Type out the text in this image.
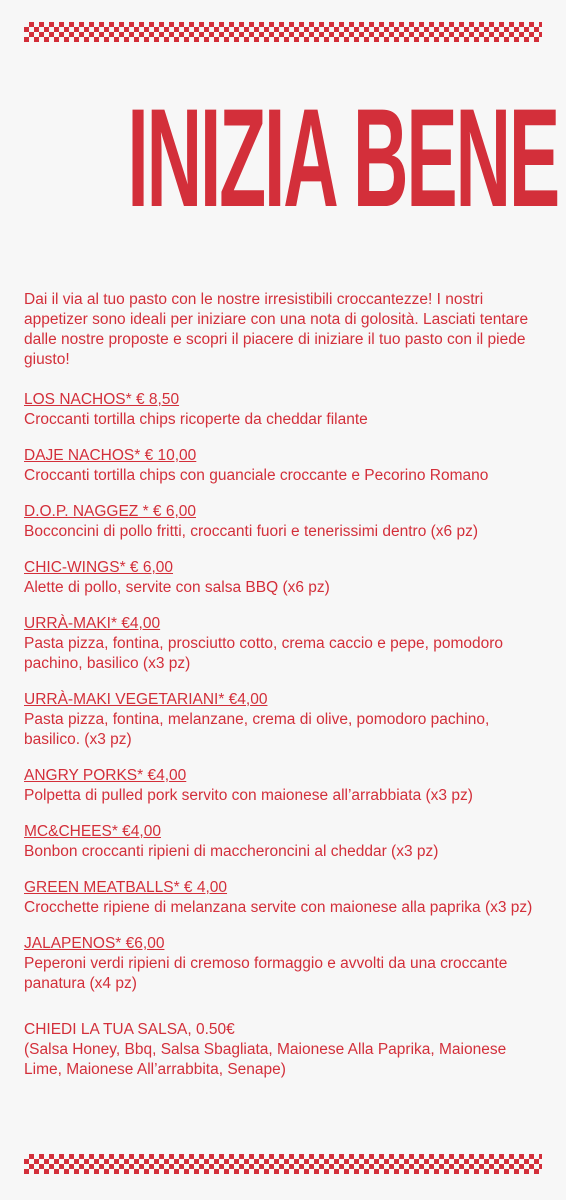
INIZIA BENE

Dai il via al tuo pasto con le nostre irresistibili croccantezze! I nostri appetizer sono ideali per iniziare con una nota di golosità. Lasciati tentare dalle nostre proposte e scopri il piacere di iniziare il tuo pasto con il piede giusto!

LOS NACHOS* € 8,50
Croccanti tortilla chips ricoperte da cheddar filante
DAJE NACHOS* € 10,00
Croccanti tortilla chips con guanciale croccante e Pecorino Romano
D.O.P. NAGGEZ * € 6,00
Bocconcini di pollo fritti, croccanti fuori e tenerissimi dentro (x6 pz)
CHIC-WINGS* € 6,00
Alette di pollo, servite con salsa BBQ (x6 pz)
URRÀ-MAKI* €4,00
Pasta pizza, fontina, prosciutto cotto, crema caccio e pepe, pomodoro pachino, basilico (x3 pz)
URRÀ-MAKI VEGETARIANI* €4,00
Pasta pizza, fontina, melanzane, crema di olive, pomodoro pachino, basilico. (x3 pz)
ANGRY PORKS* €4,00
Polpetta di pulled pork servito con maionese all’arrabbiata (x3 pz)
MC&CHEES* €4,00
Bonbon croccanti ripieni di maccheroncini al cheddar (x3 pz)
GREEN MEATBALLS* € 4,00
Crocchette ripiene di melanzana servite con maionese alla paprika (x3 pz)
JALAPENOS* €6,00
Peperoni verdi ripieni di cremoso formaggio e avvolti da una croccante panatura (x4 pz)
CHIEDI LA TUA SALSA, 0.50€
(Salsa Honey, Bbq, Salsa Sbagliata, Maionese Alla Paprika, Maionese Lime, Maionese All’arrabbita, Senape)
